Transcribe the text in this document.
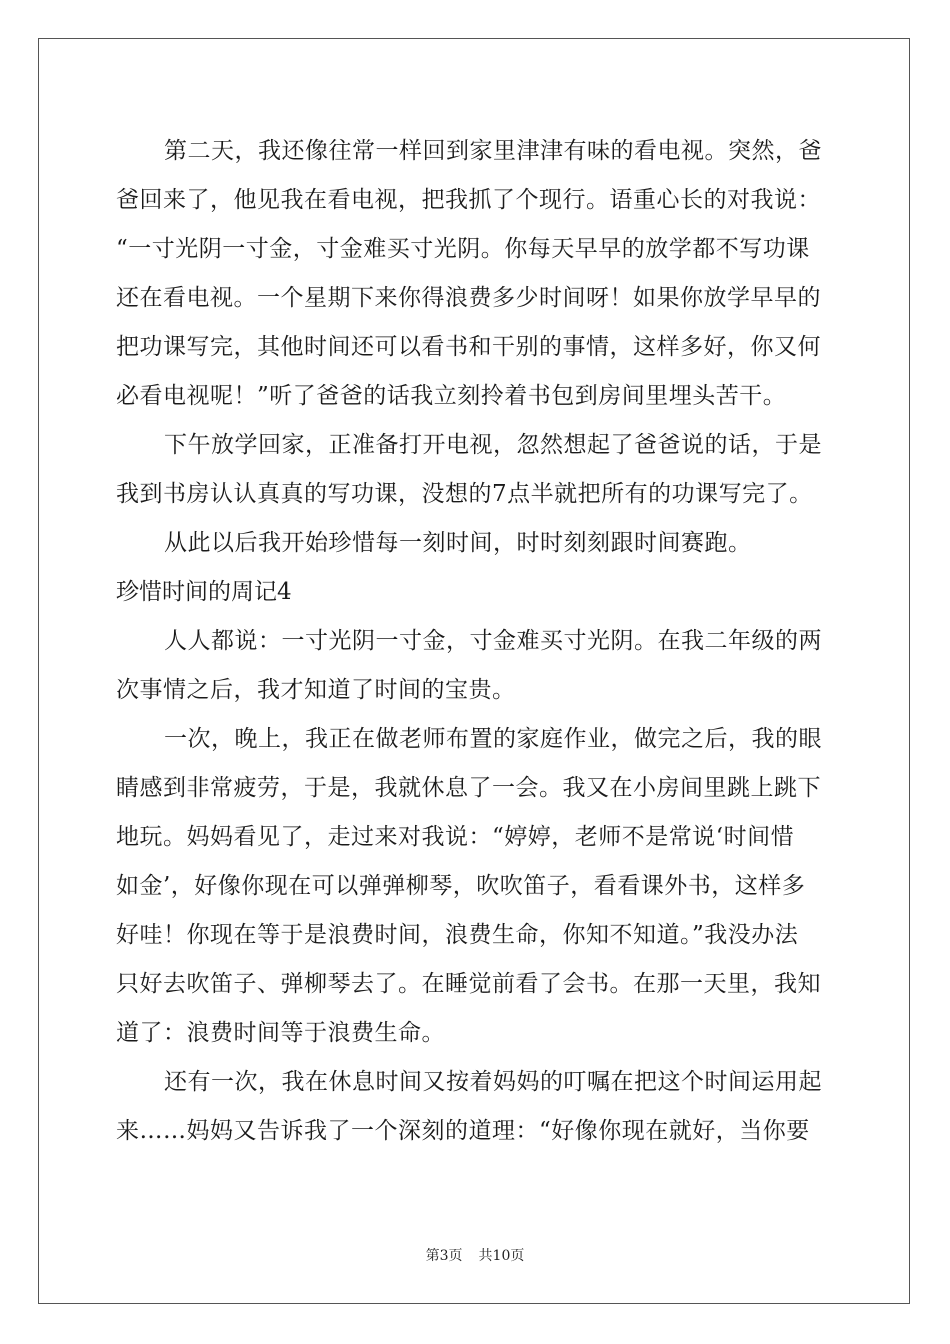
第二天，我还像往常一样回到家里津津有味的看电视。突然，爸
爸回来了，他见我在看电视，把我抓了个现行。语重心长的对我说：
“一寸光阴一寸金，寸金难买寸光阴。你每天早早的放学都不写功课
还在看电视。一个星期下来你得浪费多少时间呀！如果你放学早早的
把功课写完，其他时间还可以看书和干别的事情，这样多好，你又何
必看电视呢！”听了爸爸的话我立刻拎着书包到房间里埋头苦干。
下午放学回家，正准备打开电视，忽然想起了爸爸说的话，于是
我到书房认认真真的写功课，没想的7点半就把所有的功课写完了。
从此以后我开始珍惜每一刻时间，时时刻刻跟时间赛跑。
珍惜时间的周记4
人人都说：一寸光阴一寸金，寸金难买寸光阴。在我二年级的两
次事情之后，我才知道了时间的宝贵。
一次，晚上，我正在做老师布置的家庭作业，做完之后，我的眼
睛感到非常疲劳，于是，我就休息了一会。我又在小房间里跳上跳下
地玩。妈妈看见了，走过来对我说：“婷婷，老师不是常说‘时间惜
如金’，好像你现在可以弹弹柳琴，吹吹笛子，看看课外书，这样多
好哇！你现在等于是浪费时间，浪费生命，你知不知道。”我没办法
只好去吹笛子、弹柳琴去了。在睡觉前看了会书。在那一天里，我知
道了：浪费时间等于浪费生命。
还有一次，我在休息时间又按着妈妈的叮嘱在把这个时间运用起
来……妈妈又告诉我了一个深刻的道理：“好像你现在就好，当你要
第3页 共10页
